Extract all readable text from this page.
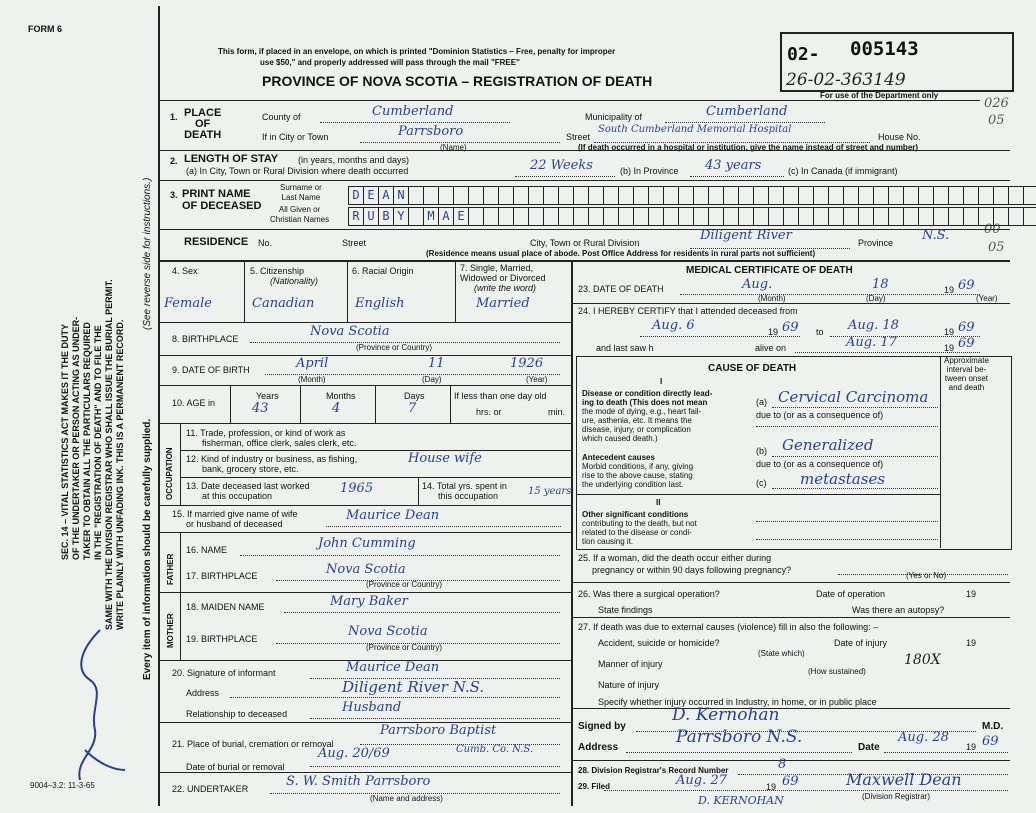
FORM 6
SEC. 14 – VITAL STATISTICS ACT MAKES IT THE DUTY OF THE UNDERTAKER OR PERSON ACTING AS UNDER- TAKER TO OBTAIN ALL THE PARTICULARS REQUIRED IN THE "REGISTRATION OF DEATH" AND TO FILE THE SAME WITH THE DIVISION REGISTRAR WHO SHALL ISSUE THE BURIAL PERMIT. WRITE PLAINLY WITH UNFADING INK. THIS IS A PERMANENT RECORD. Every item of information should be carefully supplied.
(See reverse side for instructions.)
9004–3.2: 11-3-65
This form, if placed in an envelope, on which is printed "Dominion Statistics – Free, penalty for improper
use $50," and properly addressed will pass through the mail "FREE"
PROVINCE OF NOVA SCOTIA – REGISTRATION OF DEATH
02- 005143
26-02-363149
For use of the Department only
026
05
00
05
1. PLACE
OF
DEATH
County of	Cumberland	Municipality of	Cumberland
If in City or Town	Parrsboro
(Name)
Street
South Cumberland Memorial Hospital
House No.
(If death occurred in a hospital or institution, give the name instead of street and number)
2. LENGTH OF STAY (in years, months and days)
(a) In City, Town or Rural Division where death occurred	22 Weeks	(b) In Province 43 years	(c) In Canada (if immigrant)
3. PRINT NAME
OF DECEASED
Surname or
Last Name
All Given or
Christian Names
D E A N
R U B Y M A E
RESIDENCE No.	Street	City, Town or Rural Division	Diligent River	Province N.S.
(Residence means usual place of abode. Post Office Address for residents in rural parts not sufficient)
4. Sex	5. Citizenship
(Nationality)
6. Racial Origin	7. Single, Married,
Widowed or Divorced
(write the word)
Female	Canadian	English	Married
8. BIRTHPLACE	Nova Scotia
(Province or Country)
9. DATE OF BIRTH	April	11	1926
(Month)	(Day)	(Year)
10. AGE in
Years	Months	Days
43	4	7
If less than one day old
hrs. or	min.
OCCUPATION
11. Trade, profession, or kind of work as
fisherman, office clerk, sales clerk, etc.
12. Kind of industry or business, as fishing,
bank, grocery store, etc.
House wife
13. Date deceased last worked
at this occupation	1965	14. Total yrs. spent in
this occupation	15 years
15. If married give name of wife
or husband of deceased
Maurice Dean
FATHER
16. NAME	John Cumming
17. BIRTHPLACE	Nova Scotia
(Province or Country)
MOTHER
18. MAIDEN NAME	Mary Baker
19. BIRTHPLACE	Nova Scotia
(Province or Country)
20. Signature of informant	Maurice Dean
Address	Diligent River N.S.
Relationship to deceased	Husband
21. Place of burial, cremation or removal
Date of burial or removal
Parrsboro Baptist
Aug. 20/69	Cumb. Co. N.S.
22. UNDERTAKER	S. W. Smith Parrsboro
(Name and address)
MEDICAL CERTIFICATE OF DEATH
23. DATE OF DEATH	Aug.	18	19 69
(Month)	(Day)	(Year)
24. I HEREBY CERTIFY that I attended deceased from
Aug. 6	19 69 to Aug. 18	19 69
and last saw h	alive on	Aug. 17	19 69
Approximate
interval be-
tween onset
and death
CAUSE OF DEATH
I
Disease or condition directly lead-
ing to death (This does not mean
the mode of dying, e.g., heart fail-
ure, asthenia, etc. It means the
disease, injury, or complication
which caused death.)
(a) Cervical Carcinoma
due to (or as a consequence of)
Antecedent causes
Morbid conditions, if any, giving
rise to the above cause, stating
the underlying condition last.
(b) Generalized
due to (or as a consequence of)
(c) metastases
II
Other significant conditions
contributing to the death, but not
related to the disease or condi-
tion causing it.
25. If a woman, did the death occur either during
pregnancy or within 90 days following pregnancy?
(Yes or No)
26. Was there a surgical operation?	Date of operation	19
State findings	Was there an autopsy?
27. If death was due to external causes (violence) fill in also the following: –
Accident, suicide or homicide?	Date of injury	19
(State which)
Manner of injury
(How sustained)
180X
Nature of injury
Specify whether injury occurred in Industry, in home, or in public place
Signed by
D. Kernohan
M.D.
Address
Parrsboro N.S.
Date
Aug. 28
19 69
28. Division Registrar's Record Number	8
29. Filed	Aug. 27	19 69	Maxwell Dean
(Division Registrar)
D. KERNOHAN
